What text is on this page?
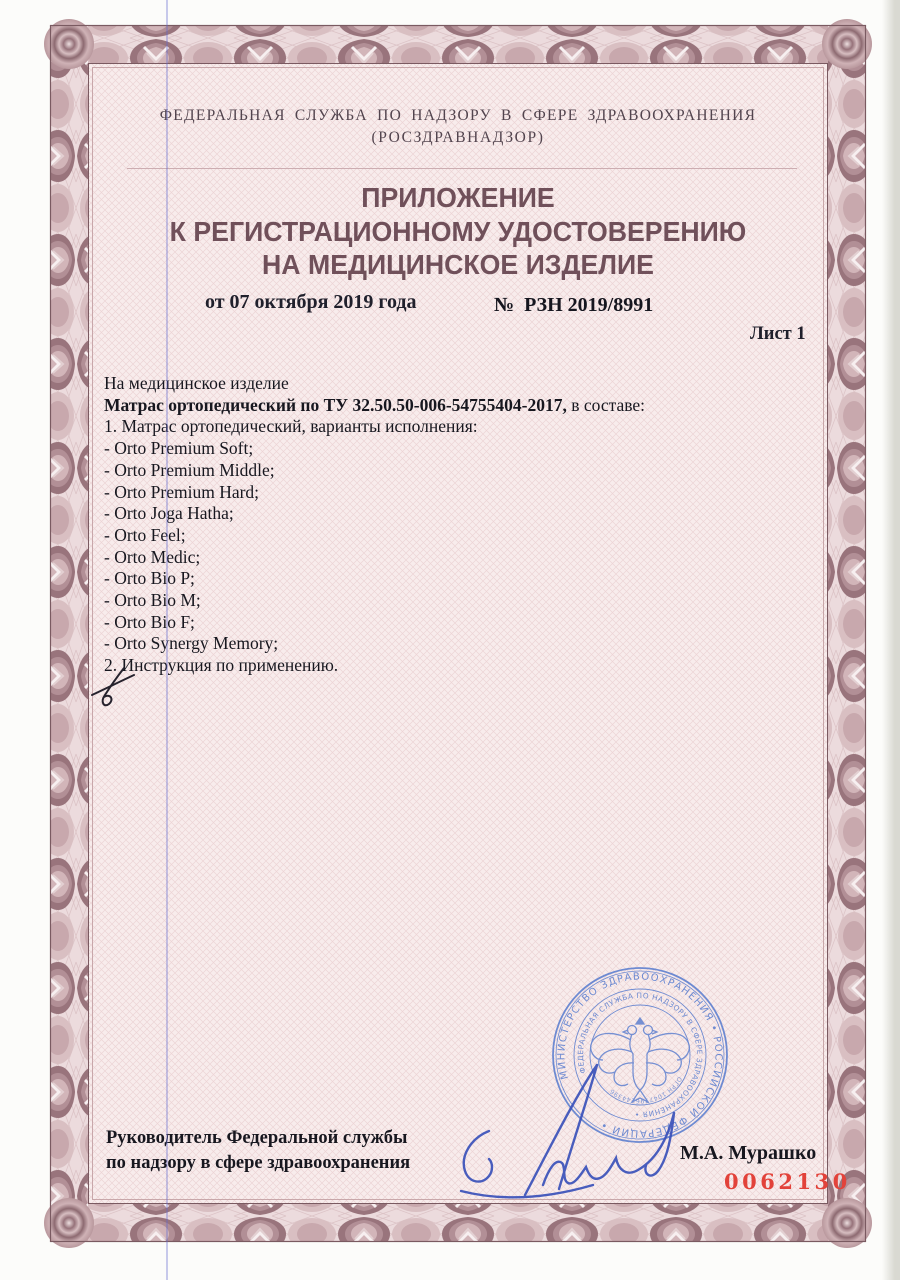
ФЕДЕРАЛЬНАЯ СЛУЖБА ПО НАДЗОРУ В СФЕРЕ ЗДРАВООХРАНЕНИЯ
(РОСЗДРАВНАДЗОР)
ПРИЛОЖЕНИЕ
К РЕГИСТРАЦИОННОМУ УДОСТОВЕРЕНИЮ
НА МЕДИЦИНСКОЕ ИЗДЕЛИЕ
от 07 октября 2019 года	№  РЗН 2019/8991
Лист 1
На медицинское изделие
Матрас ортопедический по ТУ 32.50.50-006-54755404-2017, в составе:
1. Матрас ортопедический, варианты исполнения:
- Orto Premium Soft;
- Orto Premium Middle;
- Orto Premium Hard;
- Orto Joga Hatha;
- Orto Feel;
- Orto Medic;
- Orto Bio P;
- Orto Bio M;
- Orto Bio F;
- Orto Synergy Memory;
2. Инструкция по применению.
МИНИСТЕРСТВО ЗДРАВООХРАНЕНИЯ • РОССИЙСКОЙ ФЕДЕРАЦИИ •
ФЕДЕРАЛЬНАЯ СЛУЖБА ПО НАДЗОРУ В СФЕРЕ ЗДРАВООХРАНЕНИЯ •
ОГРН 1047796244396
Руководитель Федеральной службы
по надзору в сфере здравоохранения	М.А. Мурашко
0062130
